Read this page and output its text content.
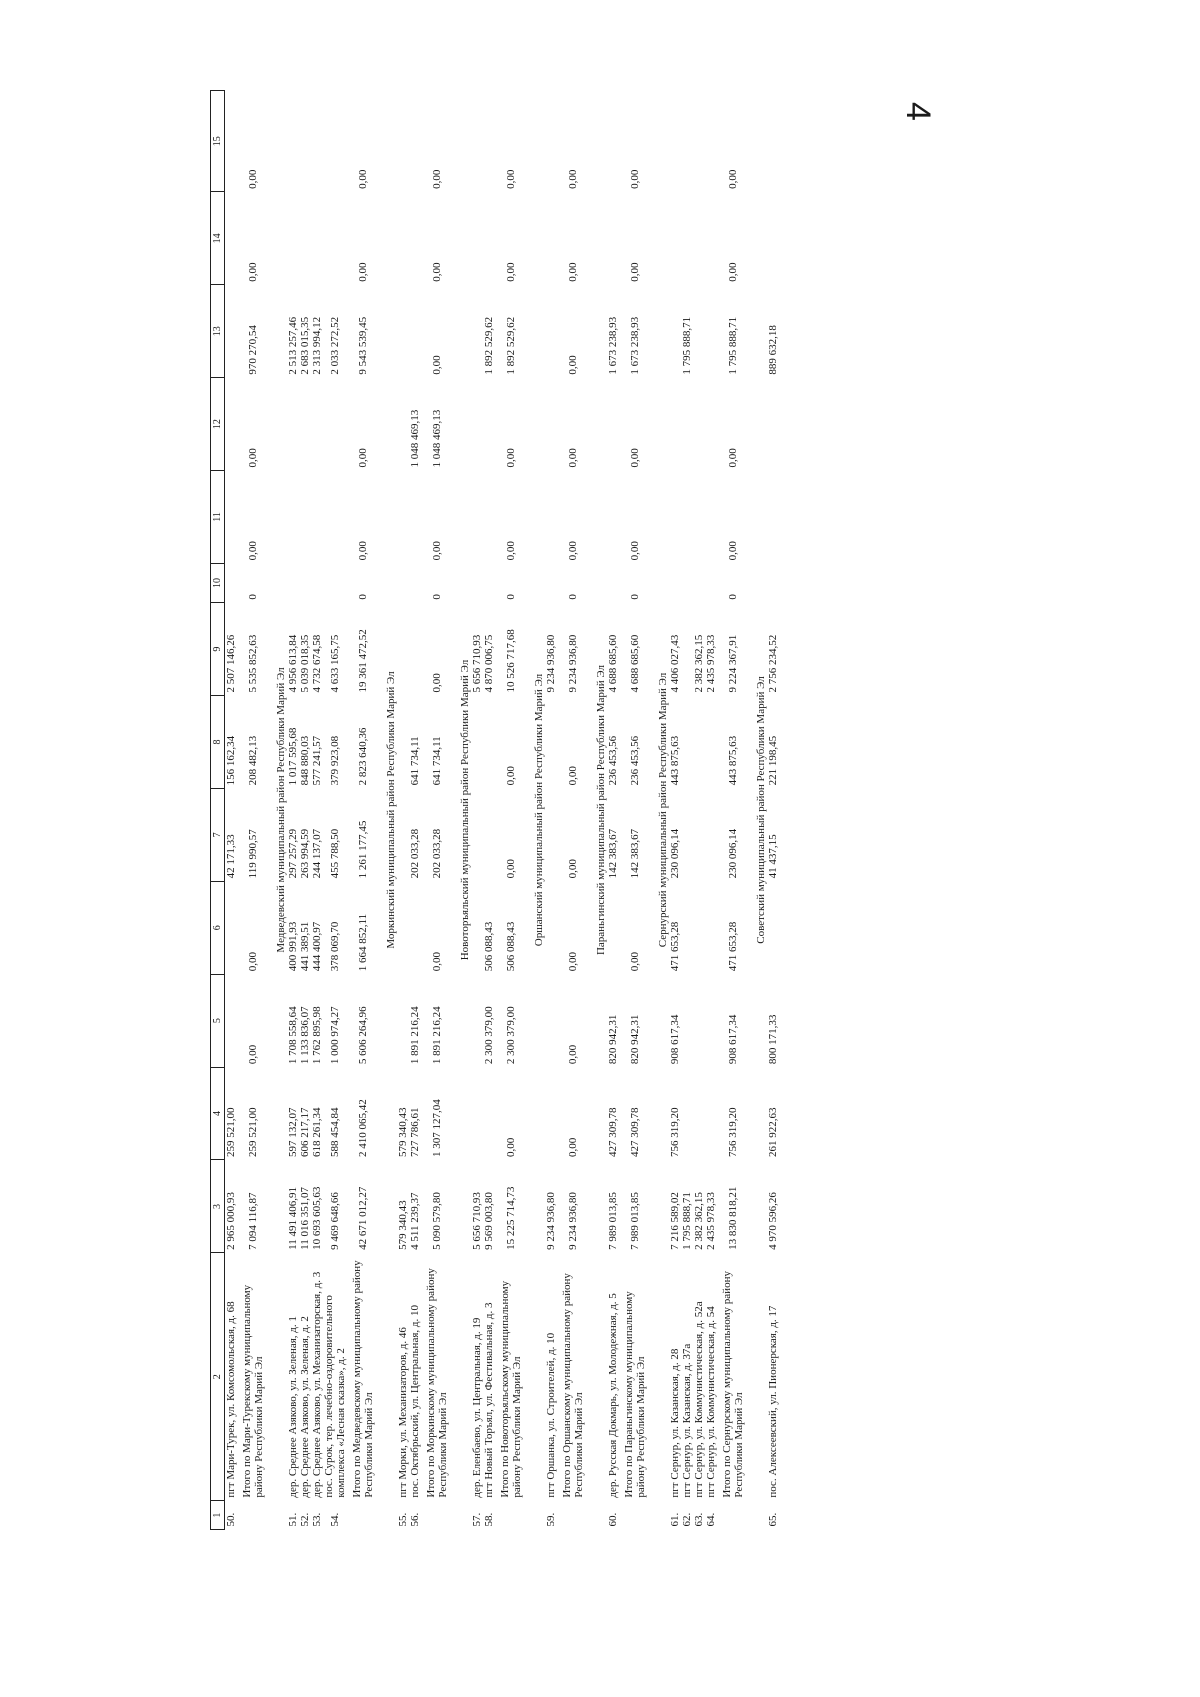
4
1	2	3	4	5	6	7	8	9	10	11	12	13	14	15
50.	пгт Мари-Турек, ул. Комсомольская, д. 68	2 965 000,93	259 521,00			42 171,33	156 162,34	2 507 146,26						
	Итого по Мари-Турекскому муниципальному району Республики Марий Эл	7 094 116,87	259 521,00	0,00	0,00	119 990,57	208 482,13	5 535 852,63	0	0,00	0,00	970 270,54	0,00	0,00
Медведевский муниципальный район Республики Марий Эл														
51.	дер. Среднее Азяково, ул. Зеленая, д. 1	11 491 406,91	597 132,07	1 708 558,64	400 991,93	297 257,29	1 017 595,68	4 956 613,84				2 513 257,46		
52.	дер. Среднее Азяково, ул. Зеленая, д. 2	11 016 351,07	606 217,17	1 133 836,07	441 389,51	263 994,59	848 880,03	5 039 018,35				2 683 015,35		
53.	дер. Среднее Азяково, ул. Механизаторская, д. 3	10 693 605,63	618 261,34	1 762 895,98	444 400,97	244 137,07	577 241,57	4 732 674,58				2 313 994,12		
54.	пос. Сурок, тер. лечебно-оздоровительного комплекса «Лесная сказка», д. 2	9 469 648,66	588 454,84	1 000 974,27	378 069,70	455 788,50	379 923,08	4 633 165,75				2 033 272,52		
	Итого по Медведевскому муниципальному району Республики Марий Эл	42 671 012,27	2 410 065,42	5 606 264,96	1 664 852,11	1 261 177,45	2 823 640,36	19 361 472,52	0	0,00	0,00	9 543 539,45	0,00	0,00
Моркинский муниципальный район Республики Марий Эл														
55.	пгт Морки, ул. Механизаторов, д. 46	579 340,43	579 340,43											
56.	пос. Октябрьский, ул. Центральная, д. 10	4 511 239,37	727 786,61	1 891 216,24		202 033,28	641 734,11				1 048 469,13			
	Итого по Моркинскому муниципальному району Республики Марий Эл	5 090 579,80	1 307 127,04	1 891 216,24	0,00	202 033,28	641 734,11	0,00	0	0,00	1 048 469,13	0,00	0,00	0,00
Новоторъяльский муниципальный район Республики Марий Эл														
57.	дер. Еленбаево, ул. Центральная, д. 19	5 656 710,93						5 656 710,93						
58.	пгт Новый Торъял, ул. Фестивальная, д. 3	9 569 003,80		2 300 379,00	506 088,43			4 870 006,75				1 892 529,62		
	Итого по Новоторъяльскому муниципальному району Республики Марий Эл	15 225 714,73	0,00	2 300 379,00	506 088,43	0,00	0,00	10 526 717,68	0	0,00	0,00	1 892 529,62	0,00	0,00
Оршанский муниципальный район Республики Марий Эл														
59.	пгт Оршанка, ул. Строителей, д. 10	9 234 936,80						9 234 936,80						
	Итого по Оршанскому муниципальному району Республики Марий Эл	9 234 936,80	0,00	0,00	0,00	0,00	0,00	9 234 936,80	0	0,00	0,00	0,00	0,00	0,00
Параньгинский муниципальный район Республики Марий Эл														
60.	дер. Русская Докмарь, ул. Молодежная, д. 5	7 989 013,85	427 309,78	820 942,31		142 383,67	236 453,56	4 688 685,60				1 673 238,93		
	Итого по Параньгинскому муниципальному району Республики Марий Эл	7 989 013,85	427 309,78	820 942,31	0,00	142 383,67	236 453,56	4 688 685,60	0	0,00	0,00	1 673 238,93	0,00	0,00
Сернурский муниципальный район Республики Марий Эл														
61.	пгт Сернур, ул. Казанская, д. 28	7 216 589,02	756 319,20	908 617,34	471 653,28	230 096,14	443 875,63	4 406 027,43						
62.	пгт Сернур, ул. Казанская, д. 37а	1 795 888,71										1 795 888,71		
63.	пгт Сернур, ул. Коммунистическая, д. 52а	2 382 362,15						2 382 362,15						
64.	пгт Сернур, ул. Коммунистическая, д. 54	2 435 978,33						2 435 978,33						
	Итого по Сернурскому муниципальному району Республики Марий Эл	13 830 818,21	756 319,20	908 617,34	471 653,28	230 096,14	443 875,63	9 224 367,91	0	0,00	0,00	1 795 888,71	0,00	0,00
Советский муниципальный район Республики Марий Эл														
65.	пос. Алексеевский, ул. Пионерская, д. 17	4 970 596,26	261 922,63	800 171,33		41 437,15	221 198,45	2 756 234,52				889 632,18		
